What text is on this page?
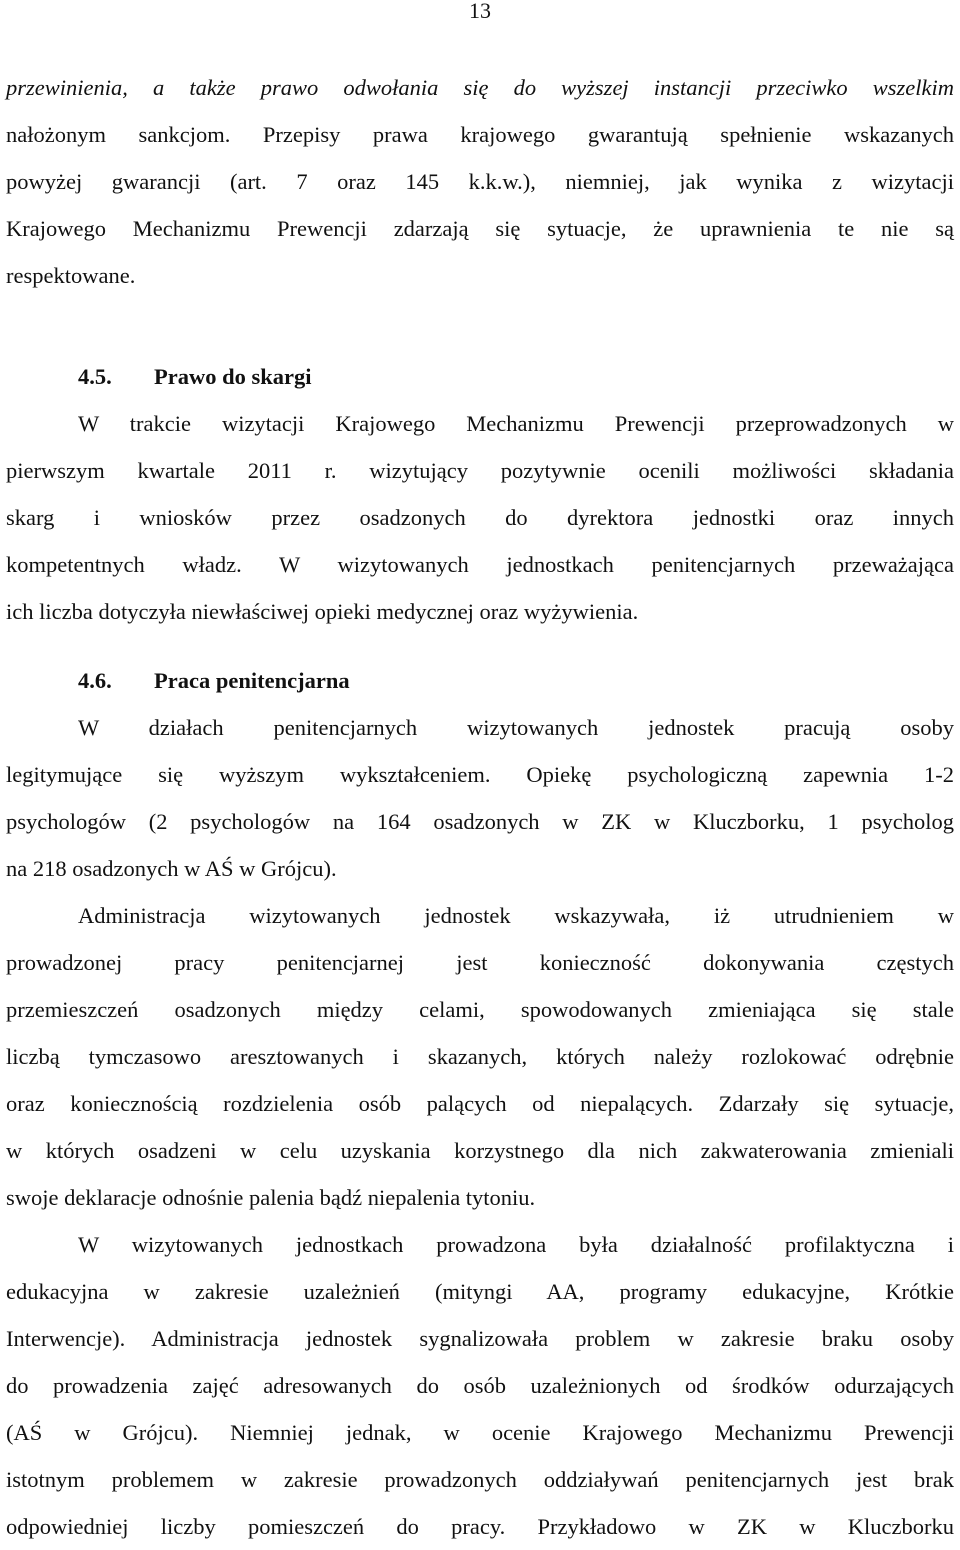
13
przewinienia, a także prawo odwołania się do wyższej instancji przeciwko wszelkim
nałożonym sankcjom. Przepisy prawa krajowego gwarantują spełnienie wskazanych
powyżej gwarancji (art. 7 oraz 145 k.k.w.), niemniej, jak wynika z wizytacji
Krajowego Mechanizmu Prewencji zdarzają się sytuacje, że uprawnienia te nie są
respektowane.
4.5. Prawo do skargi
W trakcie wizytacji Krajowego Mechanizmu Prewencji przeprowadzonych w
pierwszym kwartale 2011 r. wizytujący pozytywnie ocenili możliwości składania
skarg i wniosków przez osadzonych do dyrektora jednostki oraz innych
kompetentnych władz. W wizytowanych jednostkach penitencjarnych przeważająca
ich liczba dotyczyła niewłaściwej opieki medycznej oraz wyżywienia.
4.6. Praca penitencjarna
W działach penitencjarnych wizytowanych jednostek pracują osoby
legitymujące się wyższym wykształceniem. Opiekę psychologiczną zapewnia 1-2
psychologów (2 psychologów na 164 osadzonych w ZK w Kluczborku, 1 psycholog
na 218 osadzonych w AŚ w Grójcu).
Administracja wizytowanych jednostek wskazywała, iż utrudnieniem w
prowadzonej pracy penitencjarnej jest konieczność dokonywania częstych
przemieszczeń osadzonych między celami, spowodowanych zmieniająca się stale
liczbą tymczasowo aresztowanych i skazanych, których należy rozlokować odrębnie
oraz koniecznością rozdzielenia osób palących od niepalących. Zdarzały się sytuacje,
w których osadzeni w celu uzyskania korzystnego dla nich zakwaterowania zmieniali
swoje deklaracje odnośnie palenia bądź niepalenia tytoniu.
W wizytowanych jednostkach prowadzona była działalność profilaktyczna i
edukacyjna w zakresie uzależnień (mityngi AA, programy edukacyjne, Krótkie
Interwencje). Administracja jednostek sygnalizowała problem w zakresie braku osoby
do prowadzenia zajęć adresowanych do osób uzależnionych od środków odurzających
(AŚ w Grójcu). Niemniej jednak, w ocenie Krajowego Mechanizmu Prewencji
istotnym problemem w zakresie prowadzonych oddziaływań penitencjarnych jest brak
odpowiedniej liczby pomieszczeń do pracy. Przykładowo w ZK w Kluczborku
